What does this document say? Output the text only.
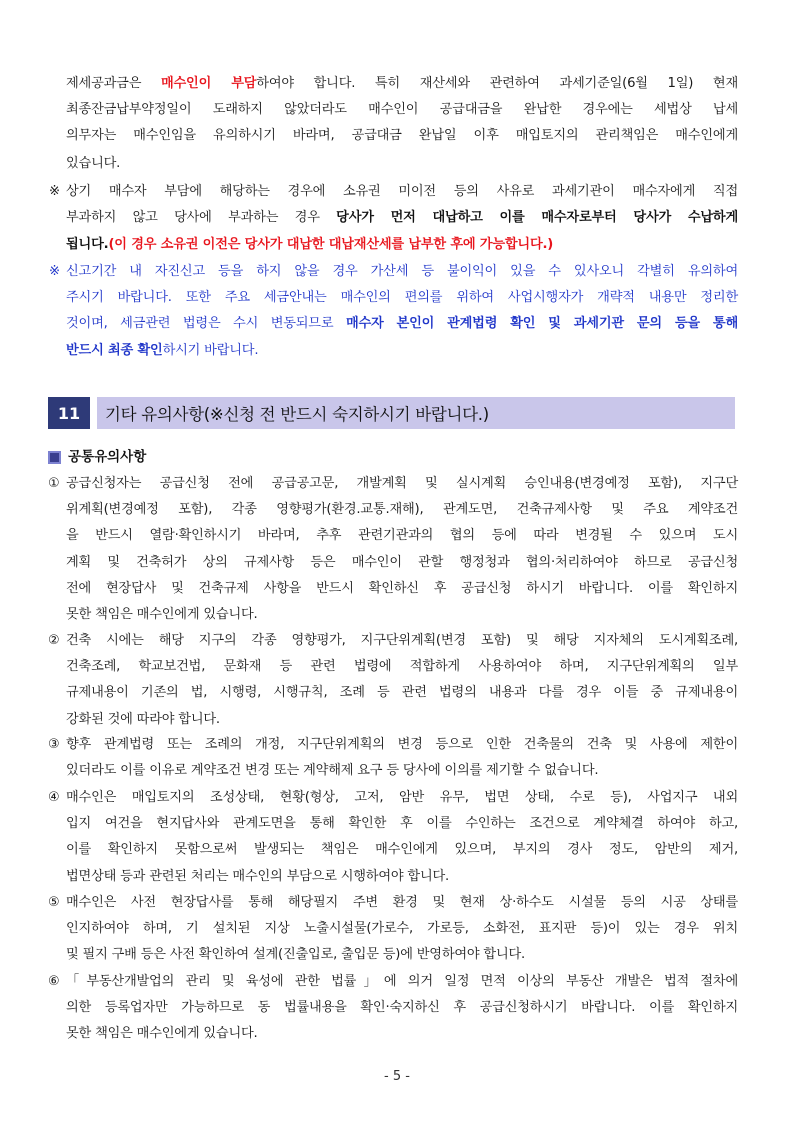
제세공과금은 매수인이 부담하여야 합니다. 특히 재산세와 관련하여 과세기준일(6월 1일) 현재
최종잔금납부약정일이 도래하지 않았더라도 매수인이 공급대금을 완납한 경우에는 세법상 납세
의무자는 매수인임을 유의하시기 바라며, 공급대금 완납일 이후 매입토지의 관리책임은 매수인에게
있습니다.
※ 상기 매수자 부담에 해당하는 경우에 소유권 미이전 등의 사유로 과세기관이 매수자에게 직접
부과하지 않고 당사에 부과하는 경우 당사가 먼저 대납하고 이를 매수자로부터 당사가 수납하게
됩니다.(이 경우 소유권 이전은 당사가 대납한 대납재산세를 납부한 후에 가능합니다.)
※ 신고기간 내 자진신고 등을 하지 않을 경우 가산세 등 불이익이 있을 수 있사오니 각별히 유의하여
주시기 바랍니다. 또한 주요 세금안내는 매수인의 편의를 위하여 사업시행자가 개략적 내용만 정리한
것이며, 세금관련 법령은 수시 변동되므로 매수자 본인이 관계법령 확인 및 과세기관 문의 등을 통해
반드시 최종 확인하시기 바랍니다.
11	기타 유의사항(※신청 전 반드시 숙지하시기 바랍니다.)
공통유의사항
① 공급신청자는 공급신청 전에 공급공고문, 개발계획 및 실시계획 승인내용(변경예정 포함), 지구단
위계획(변경예정 포함), 각종 영향평가(환경.교통.재해), 관계도면, 건축규제사항 및 주요 계약조건
을 반드시 열람·확인하시기 바라며, 추후 관련기관과의 협의 등에 따라 변경될 수 있으며 도시
계획 및 건축허가 상의 규제사항 등은 매수인이 관할 행정청과 협의·처리하여야 하므로 공급신청
전에 현장답사 및 건축규제 사항을 반드시 확인하신 후 공급신청 하시기 바랍니다. 이를 확인하지
못한 책임은 매수인에게 있습니다.
② 건축 시에는 해당 지구의 각종 영향평가, 지구단위계획(변경 포함) 및 해당 지자체의 도시계획조례,
건축조례, 학교보건법, 문화재 등 관련 법령에 적합하게 사용하여야 하며, 지구단위계획의 일부
규제내용이 기존의 법, 시행령, 시행규칙, 조례 등 관련 법령의 내용과 다를 경우 이들 중 규제내용이
강화된 것에 따라야 합니다.
③ 향후 관계법령 또는 조례의 개정, 지구단위계획의 변경 등으로 인한 건축물의 건축 및 사용에 제한이
있더라도 이를 이유로 계약조건 변경 또는 계약해제 요구 등 당사에 이의를 제기할 수 없습니다.
④ 매수인은 매입토지의 조성상태, 현황(형상, 고저, 암반 유무, 법면 상태, 수로 등), 사업지구 내외
입지 여건을 현지답사와 관계도면을 통해 확인한 후 이를 수인하는 조건으로 계약체결 하여야 하고,
이를 확인하지 못함으로써 발생되는 책임은 매수인에게 있으며, 부지의 경사 정도, 암반의 제거,
법면상태 등과 관련된 처리는 매수인의 부담으로 시행하여야 합니다.
⑤ 매수인은 사전 현장답사를 통해 해당필지 주변 환경 및 현재 상·하수도 시설물 등의 시공 상태를
인지하여야 하며, 기 설치된 지상 노출시설물(가로수, 가로등, 소화전, 표지판 등)이 있는 경우 위치
및 필지 구배 등은 사전 확인하여 설계(진출입로, 출입문 등)에 반영하여야 합니다.
⑥ 「부동산개발업의 관리 및 육성에 관한 법률」에 의거 일정 면적 이상의 부동산 개발은 법적 절차에
의한 등록업자만 가능하므로 동 법률내용을 확인·숙지하신 후 공급신청하시기 바랍니다. 이를 확인하지
못한 책임은 매수인에게 있습니다.
- 5 -
